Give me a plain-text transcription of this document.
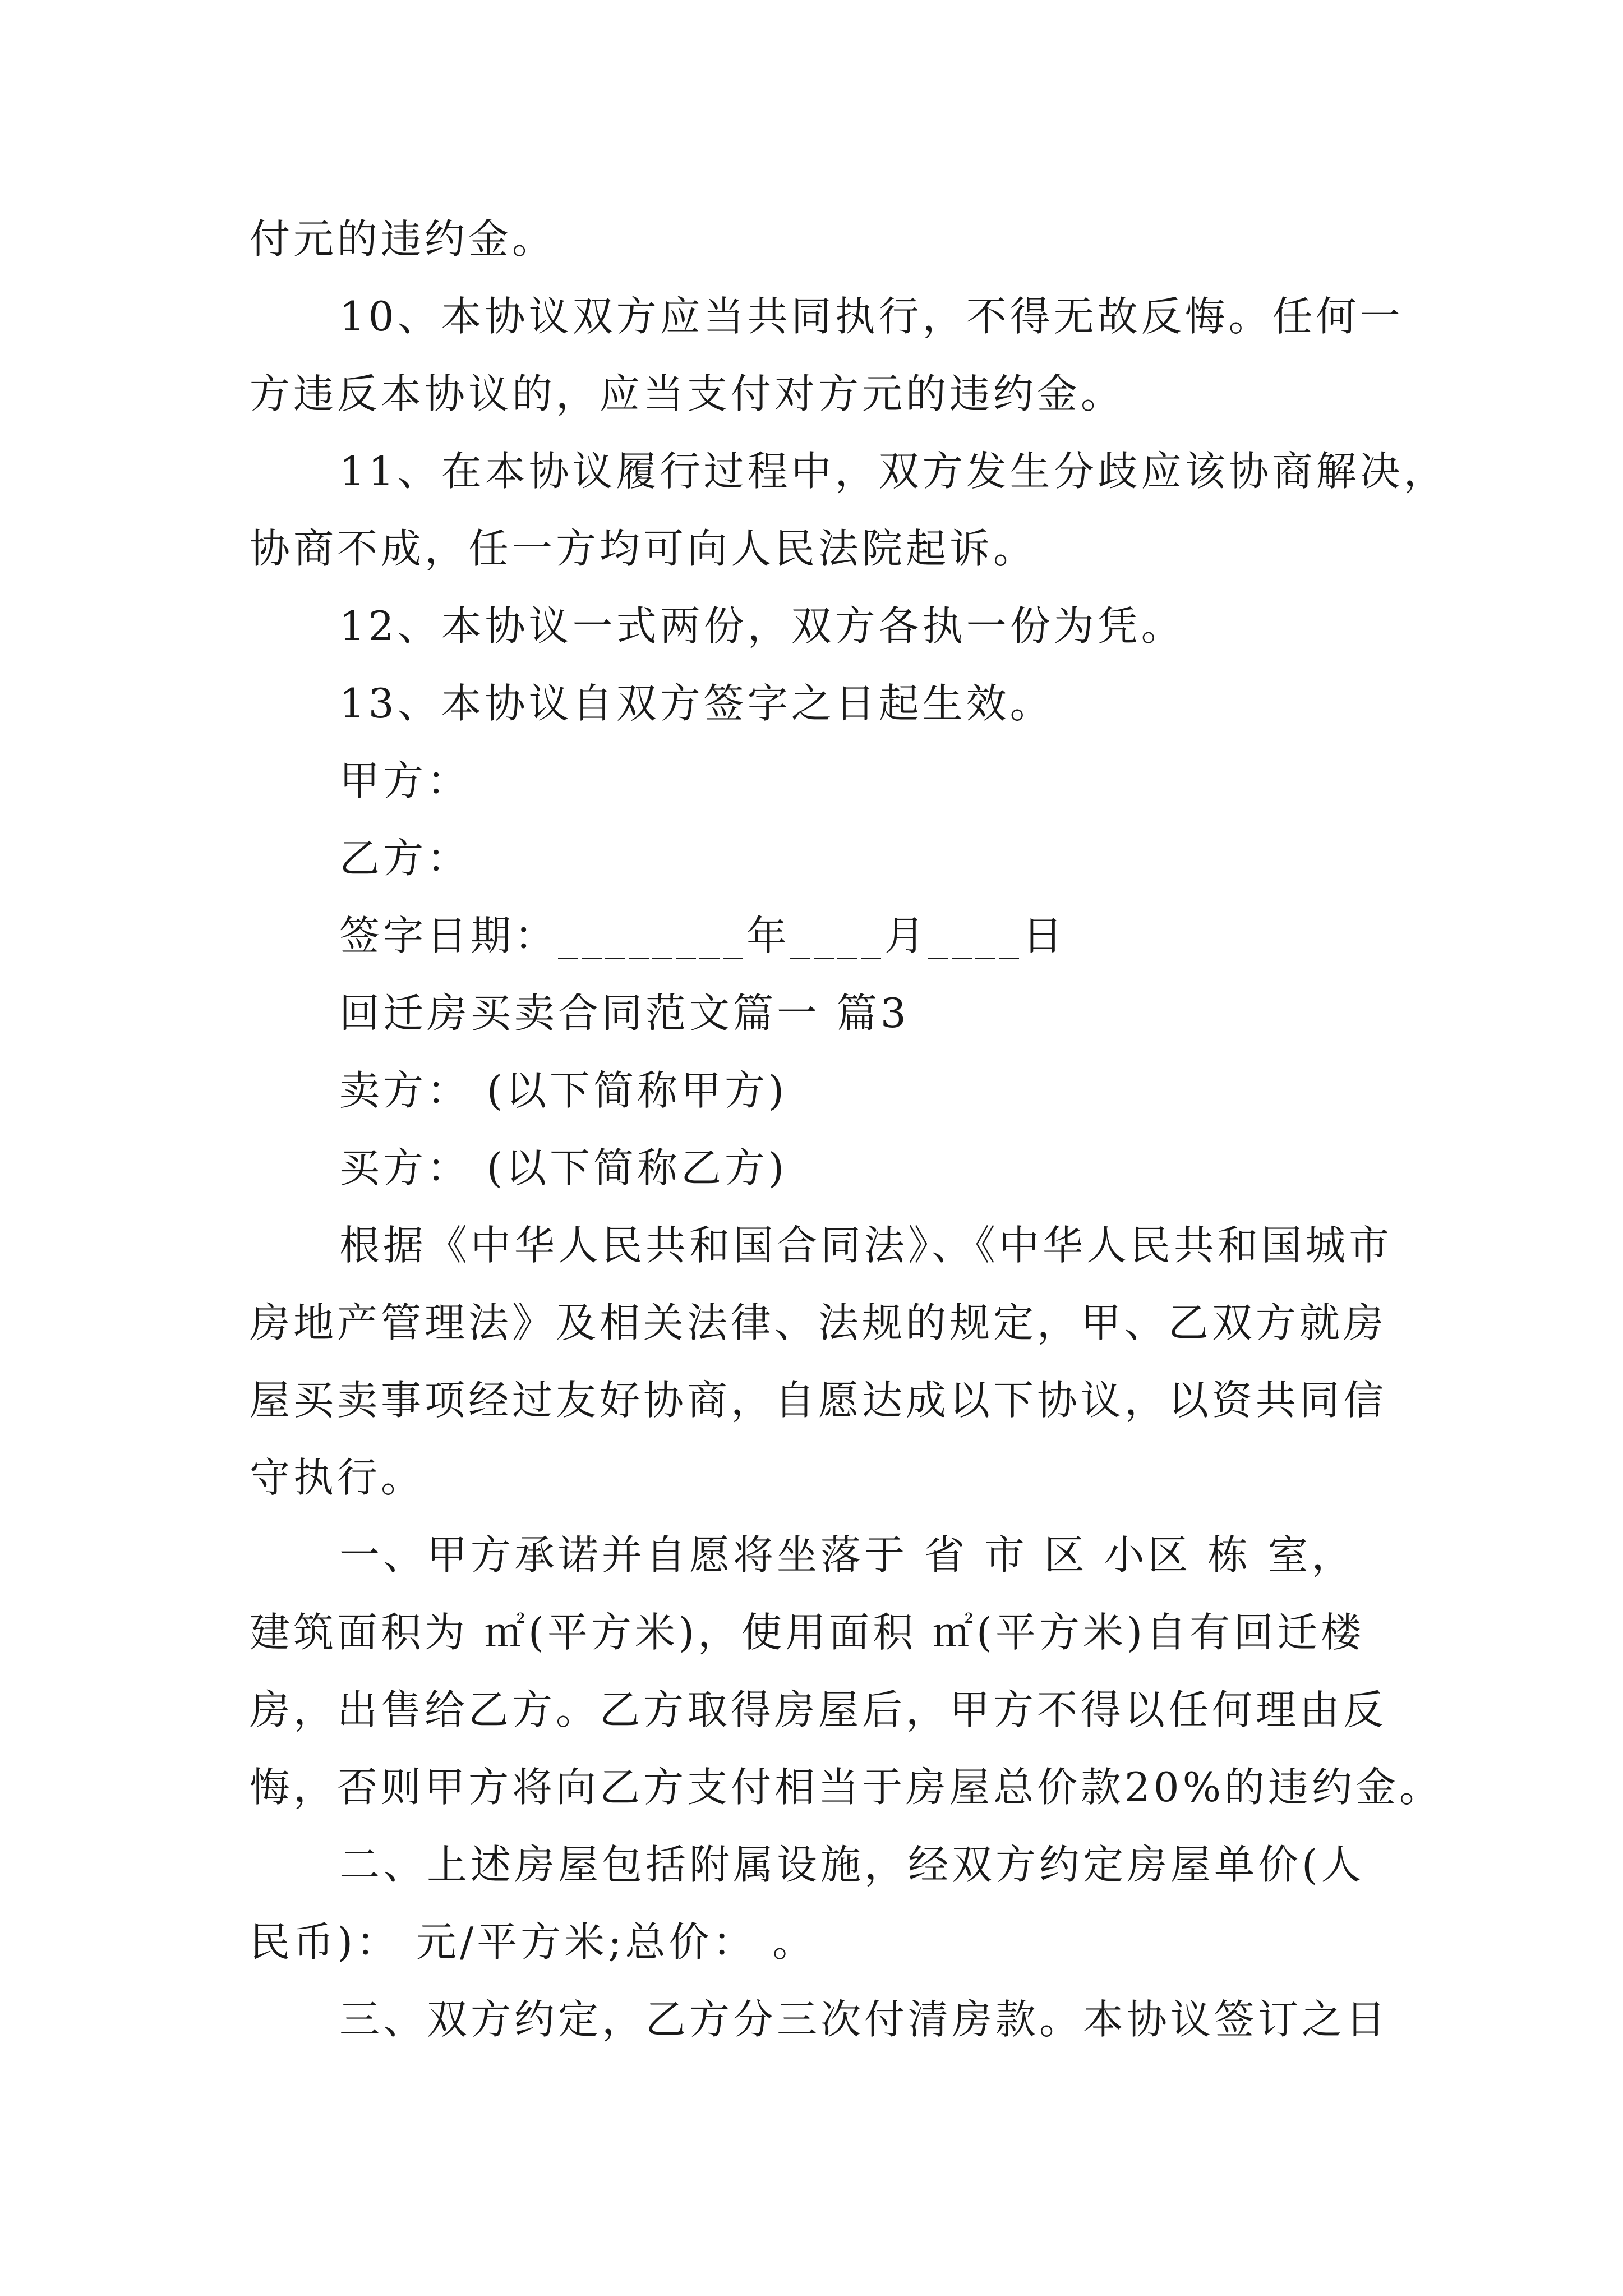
付元的违约金。
10、本协议双方应当共同执行，不得无故反悔。任何一
方违反本协议的，应当支付对方元的违约金。
11、在本协议履行过程中，双方发生分歧应该协商解决，
协商不成，任一方均可向人民法院起诉。
12、本协议一式两份，双方各执一份为凭。
13、本协议自双方签字之日起生效。
甲方：
乙方：
签字日期：________年____月____日
回迁房买卖合同范文篇一 篇3
卖方： (以下简称甲方)
买方： (以下简称乙方)
根据《中华人民共和国合同法》、《中华人民共和国城市
房地产管理法》及相关法律、法规的规定，甲、乙双方就房
屋买卖事项经过友好协商，自愿达成以下协议，以资共同信
守执行。
一、甲方承诺并自愿将坐落于 省 市 区 小区 栋 室，
建筑面积为 ㎡(平方米)，使用面积 ㎡(平方米)自有回迁楼
房，出售给乙方。乙方取得房屋后，甲方不得以任何理由反
悔，否则甲方将向乙方支付相当于房屋总价款20%的违约金。
二、上述房屋包括附属设施，经双方约定房屋单价(人
民币)： 元/平方米;总价： 。
三、双方约定，乙方分三次付清房款。本协议签订之日
